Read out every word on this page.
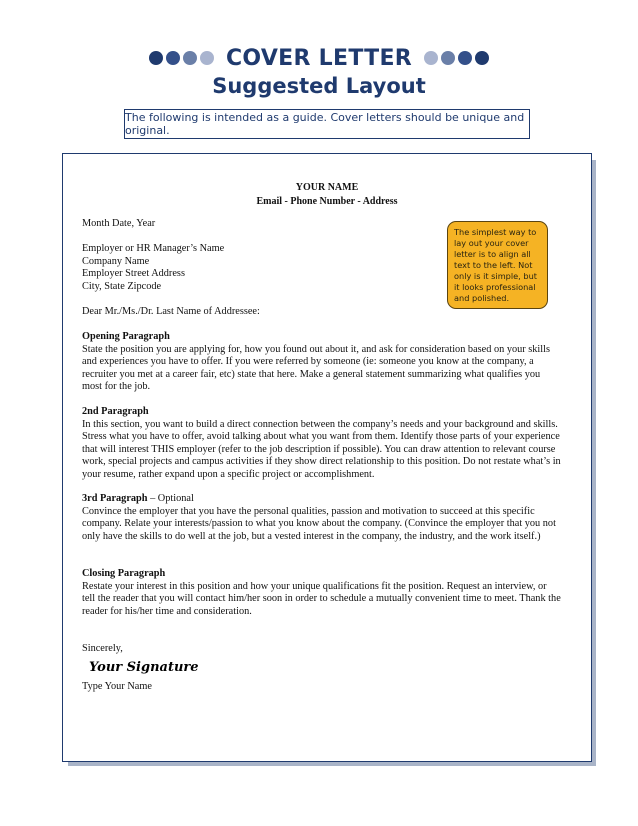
COVER LETTER
Suggested Layout
The following is intended as a guide. Cover letters should be unique and original.
YOUR NAME
Email - Phone Number - Address

Month Date, Year

Employer or HR Manager’s Name

Company Name

Employer Street Address

City, State Zipcode

Dear Mr./Ms./Dr. Last Name of Addressee:

Opening Paragraph

State the position you are applying for, how you found out about it, and ask for consideration based on your skills and experiences you have to offer. If you were referred by someone (ie: someone you know at the company, a recruiter you met at a career fair, etc) state that here. Make a general statement summarizing what qualifies you most for the job.

2nd Paragraph

In this section, you want to build a direct connection between the company’s needs and your background and skills. Stress what you have to offer, avoid talking about what you want from them. Identify those parts of your experience that will interest THIS employer (refer to the job description if possible). You can draw attention to relevant course work, special projects and campus activities if they show direct relationship to this position. Do not restate what’s in your resume, rather expand upon a specific project or accomplishment.

3rd Paragraph – Optional

Convince the employer that you have the personal qualities, passion and motivation to succeed at this specific company. Relate your interests/passion to what you know about the company. (Convince the employer that you not only have the skills to do well at the job, but a vested interest in the company, the industry, and the work itself.)

Closing Paragraph

Restate your interest in this position and how your unique qualifications fit the position. Request an interview, or tell the reader that you will contact him/her soon in order to schedule a mutually convenient time to meet. Thank the reader for his/her time and consideration.

Sincerely,

Your Signature

Type Your Name

The simplest way to lay out your cover letter is to align all text to the left. Not only is it simple, but it looks professional and polished.
